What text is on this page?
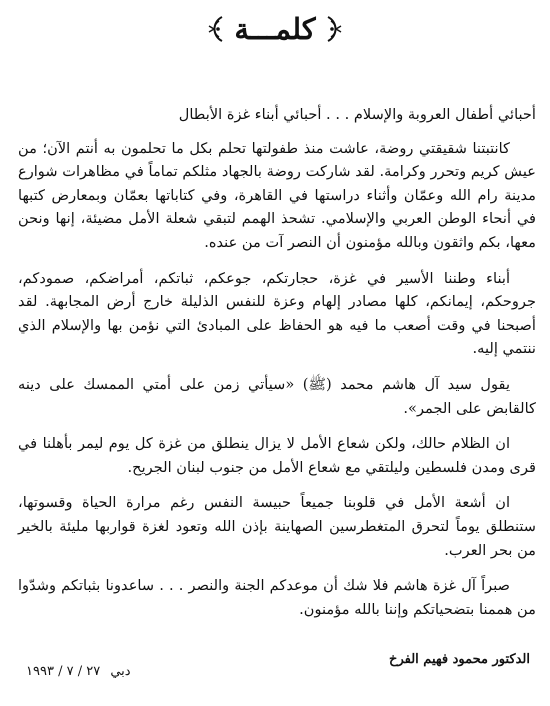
كلمـــة

أحبائي أطفال العروبة والإسلام . . . أحبائي أبناء غزة الأبطال

كانتبتنا شقيقتي روضة، عاشت منذ طفولتها تحلم بكل ما تحلمون به أنتم الآن؛ من عيش كريم وتحرر وكرامة. لقد شاركت روضة بالجهاد مثلكم تماماً في مظاهرات شوارع مدينة رام الله وعمّان وأثناء دراستها في القاهرة، وفي كتاباتها بعمّان وبمعارض كتبها في أنحاء الوطن العربي والإسلامي. تشحذ الهمم لتبقي شعلة الأمل مضيئة، إنها ونحن معها، بكم واثقون وبالله مؤمنون أن النصر آت من عنده.

أبناء وطننا الأسير في غزة، حجارتكم، جوعكم، ثباتكم، أمراضكم، صمودكم، جروحكم، إيمانكم، كلها مصادر إلهام وعزة للنفس الذليلة خارج أرض المجابهة. لقد أصبحنا في وقت أصعب ما فيه هو الحفاظ على المبادئ التي نؤمن بها والإسلام الذي ننتمي إليه.

يقول سيد آل هاشم محمد (ﷺ) «سيأتي زمن على أمتي الممسك على دينه كالقابض على الجمر».

ان الظلام حالك، ولكن شعاع الأمل لا يزال ينطلق من غزة كل يوم ليمر بأهلنا في قرى ومدن فلسطين وليلتقي مع شعاع الأمل من جنوب لبنان الجريح.

ان أشعة الأمل في قلوبنا جميعاً حبيسة النفس رغم مرارة الحياة وقسوتها، ستنطلق يوماً لتحرق المتغطرسين الصهاينة بإذن الله وتعود لغزة قواربها مليئة بالخير من بحر العرب.

صبراً آل غزة هاشم فلا شك أن موعدكم الجنة والنصر . . . ساعدونا بثباتكم وشدّوا من هممنا بتضحياتكم وإننا بالله مؤمنون.

الدكتور محمود فهيم الفرخ
دبي ٢٧ / ٧ / ١٩٩٣
